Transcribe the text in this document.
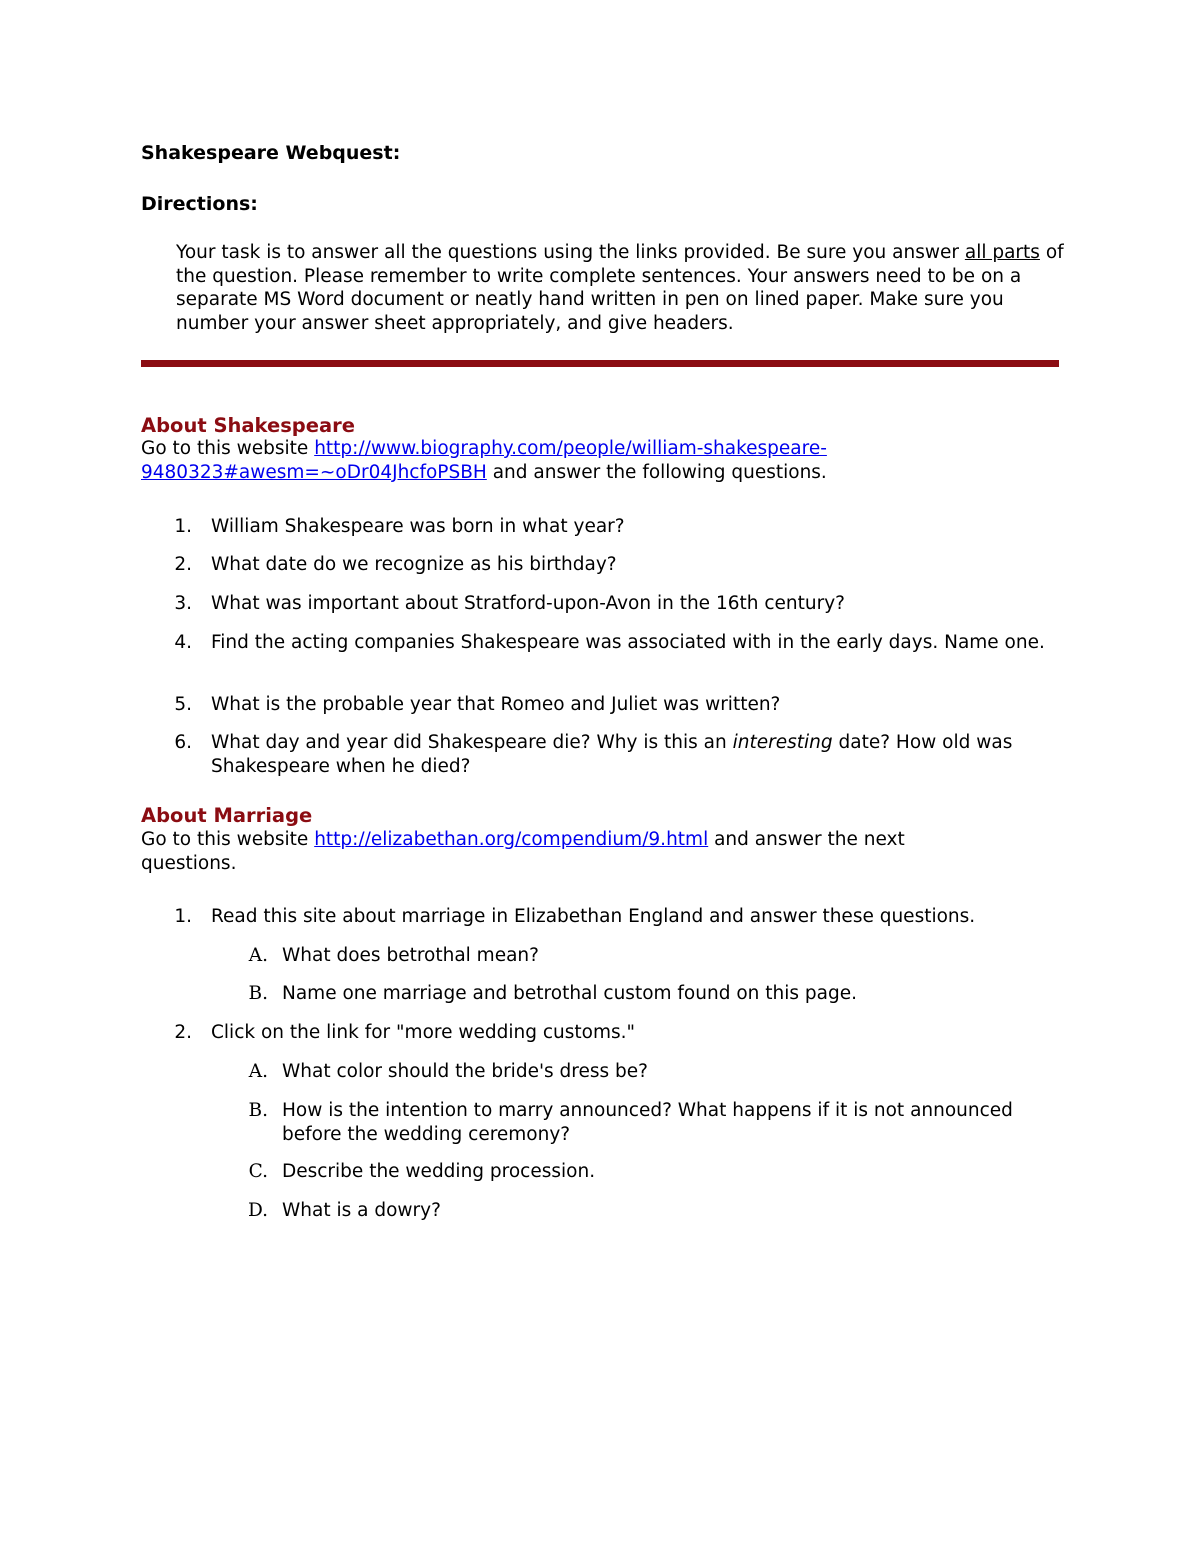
Shakespeare Webquest:
Directions:
Your task is to answer all the questions using the links provided. Be sure you answer all parts of the question. Please remember to write complete sentences. Your answers need to be on a separate MS Word document or neatly hand written in pen on lined paper. Make sure you number your answer sheet appropriately, and give headers.
About Shakespeare
Go to this website http://www.biography.com/people/william-shakespeare-
9480323#awesm=~oDr04JhcfoPSBH and answer the following questions.
1. William Shakespeare was born in what year?
2. What date do we recognize as his birthday?
3. What was important about Stratford-upon-Avon in the 16th century?
4. Find the acting companies Shakespeare was associated with in the early days. Name one.
5. What is the probable year that Romeo and Juliet was written?
6. What day and year did Shakespeare die? Why is this an interesting date? How old was Shakespeare when he died?
About Marriage
Go to this website http://elizabethan.org/compendium/9.html and answer the next questions.
1. Read this site about marriage in Elizabethan England and answer these questions.
A. What does betrothal mean?
B. Name one marriage and betrothal custom found on this page.
2. Click on the link for "more wedding customs."
A. What color should the bride's dress be?
B. How is the intention to marry announced? What happens if it is not announced before the wedding ceremony?
C. Describe the wedding procession.
D. What is a dowry?
